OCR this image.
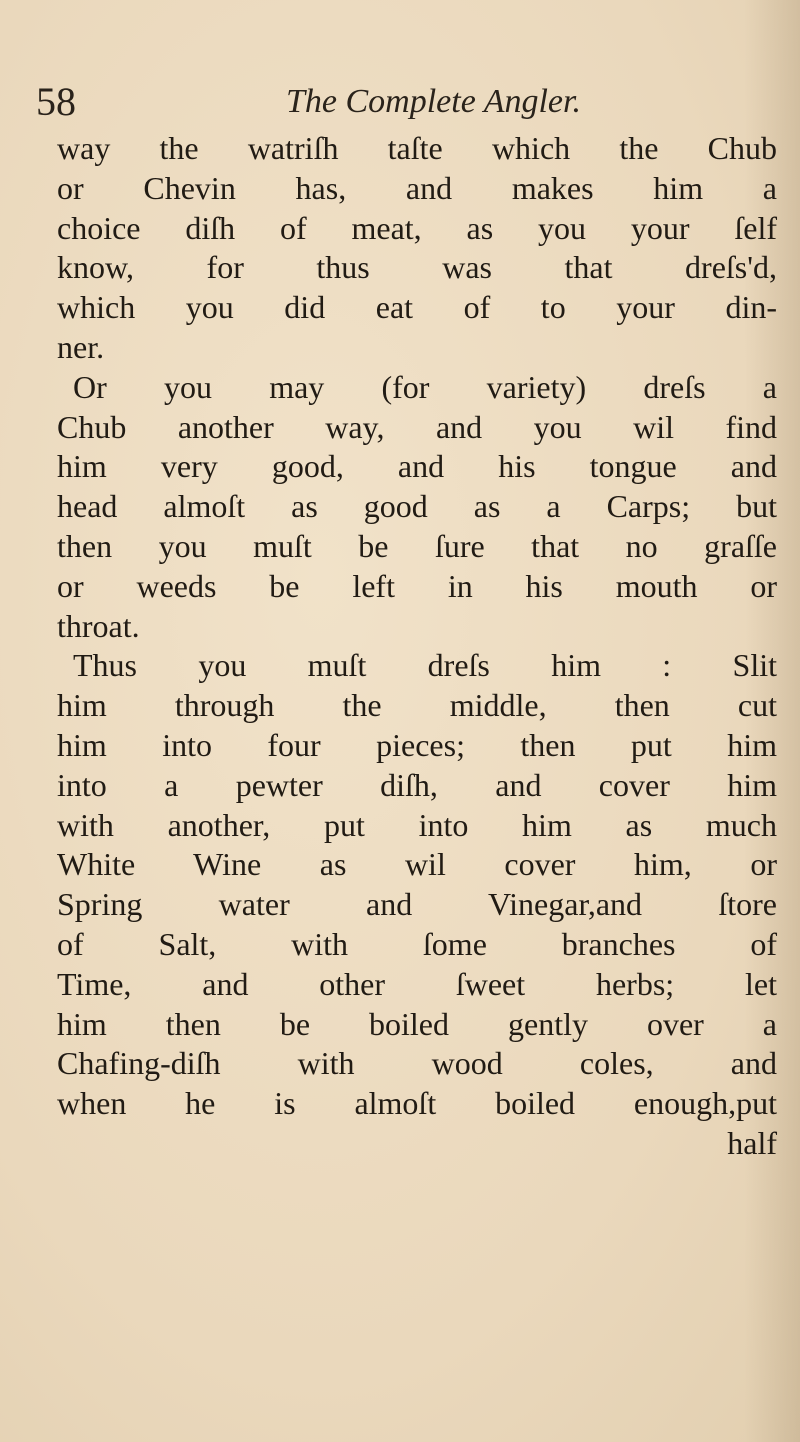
58	The Complete Angler.
way the watriſh taſte which the Chub
or Chevin has, and makes him a
choice diſh of meat, as you your ſelf
know, for thus was that dreſs'd,
which you did eat of to your din-
ner.
Or you may (for variety) dreſs a
Chub another way, and you wil find
him very good, and his tongue and
head almoſt as good as a Carps; but
then you muſt be ſure that no graſſe
or weeds be left in his mouth or
throat.
Thus you muſt dreſs him : Slit
him through the middle, then cut
him into four pieces; then put him
into a pewter diſh, and cover him
with another, put into him as much
White Wine as wil cover him, or
Spring water and Vinegar,and ſtore
of Salt, with ſome branches of
Time, and other ſweet herbs; let
him then be boiled gently over a
Chafing-diſh with wood coles, and
when he is almoſt boiled enough,put
half
